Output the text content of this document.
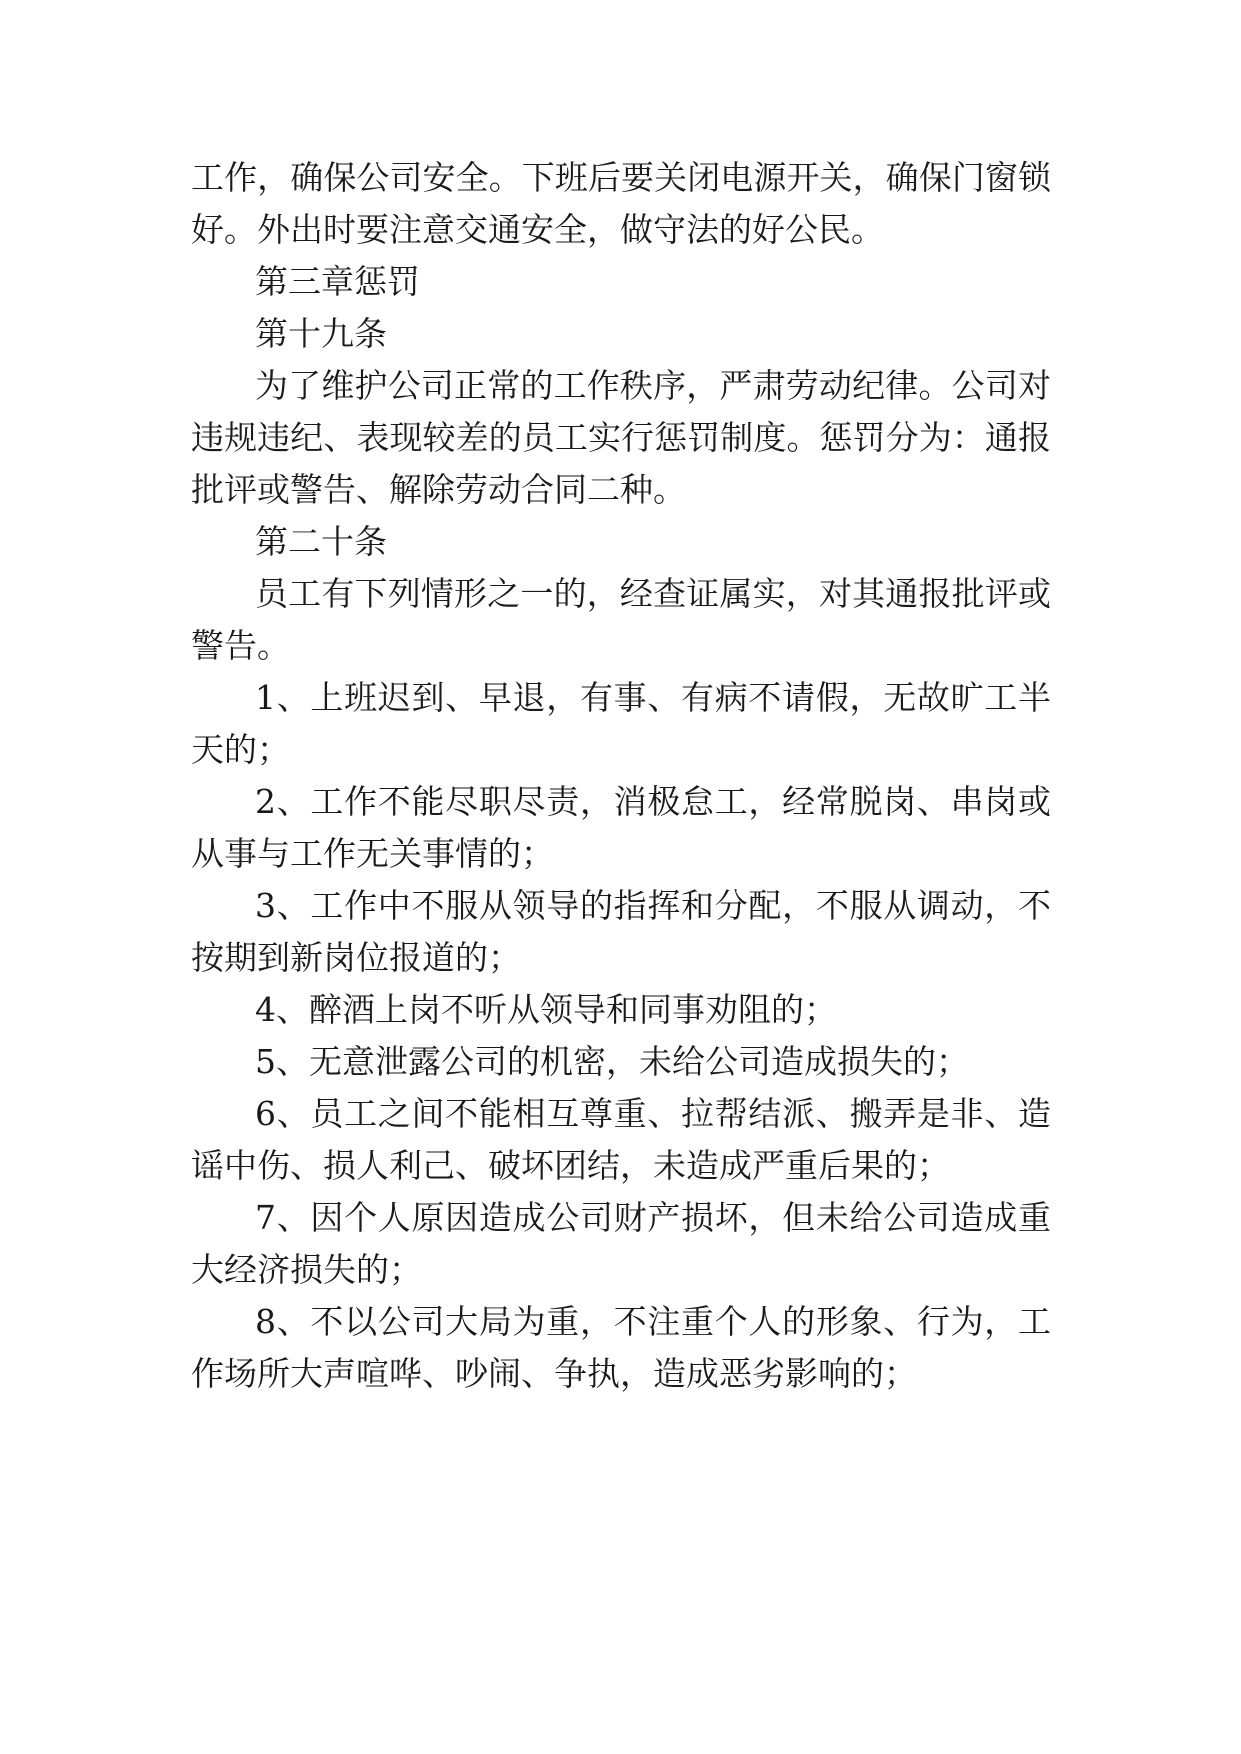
工作，确保公司安全。下班后要关闭电源开关，确保门窗锁
好。外出时要注意交通安全，做守法的好公民。
第三章惩罚
第十九条
为了维护公司正常的工作秩序，严肃劳动纪律。公司对
违规违纪、表现较差的员工实行惩罚制度。惩罚分为：通报
批评或警告、解除劳动合同二种。
第二十条
员工有下列情形之一的，经查证属实，对其通报批评或
警告。
1、上班迟到、早退，有事、有病不请假，无故旷工半
天的；
2、工作不能尽职尽责，消极怠工，经常脱岗、串岗或
从事与工作无关事情的；
3、工作中不服从领导的指挥和分配，不服从调动，不
按期到新岗位报道的；
4、醉酒上岗不听从领导和同事劝阻的；
5、无意泄露公司的机密，未给公司造成损失的；
6、员工之间不能相互尊重、拉帮结派、搬弄是非、造
谣中伤、损人利己、破坏团结，未造成严重后果的；
7、因个人原因造成公司财产损坏，但未给公司造成重
大经济损失的；
8、不以公司大局为重，不注重个人的形象、行为，工
作场所大声喧哗、吵闹、争执，造成恶劣影响的；
